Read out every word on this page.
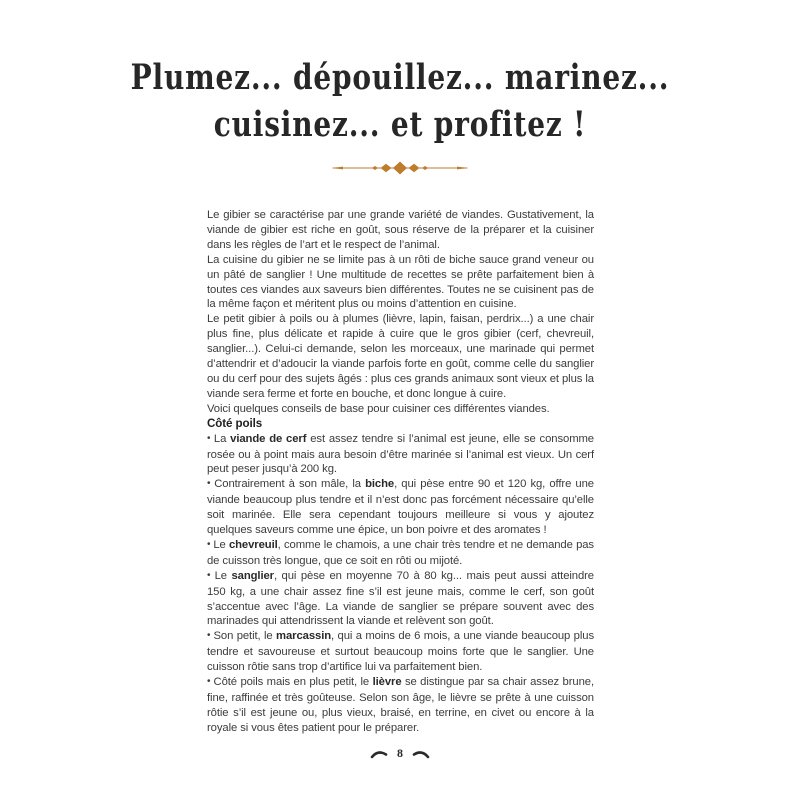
Plumez... dépouillez... marinez...
cuisinez... et profitez !

Le gibier se caractérise par une grande variété de viandes. Gustativement, la viande de gibier est riche en goût, sous réserve de la préparer et la cuisiner dans les règles de l’art et le respect de l’animal.

La cuisine du gibier ne se limite pas à un rôti de biche sauce grand veneur ou un pâté de sanglier ! Une multitude de recettes se prête parfaitement bien à toutes ces viandes aux saveurs bien différentes. Toutes ne se cuisinent pas de la même façon et méritent plus ou moins d’attention en cuisine.

Le petit gibier à poils ou à plumes (lièvre, lapin, faisan, perdrix...) a une chair plus fine, plus délicate et rapide à cuire que le gros gibier (cerf, chevreuil, sanglier...). Celui-ci demande, selon les morceaux, une marinade qui permet d’attendrir et d’adoucir la viande parfois forte en goût, comme celle du sanglier ou du cerf pour des sujets âgés : plus ces grands animaux sont vieux et plus la viande sera ferme et forte en bouche, et donc longue à cuire.

Voici quelques conseils de base pour cuisiner ces différentes viandes.

Côté poils

• La viande de cerf est assez tendre si l’animal est jeune, elle se consomme rosée ou à point mais aura besoin d’être marinée si l’animal est vieux. Un cerf peut peser jusqu’à 200 kg.

• Contrairement à son mâle, la biche, qui pèse entre 90 et 120 kg, offre une viande beaucoup plus tendre et il n’est donc pas forcément nécessaire qu’elle soit marinée. Elle sera cependant toujours meilleure si vous y ajoutez quelques saveurs comme une épice, un bon poivre et des aromates !

• Le chevreuil, comme le chamois, a une chair très tendre et ne demande pas de cuisson très longue, que ce soit en rôti ou mijoté.

• Le sanglier, qui pèse en moyenne 70 à 80 kg... mais peut aussi atteindre 150 kg, a une chair assez fine s’il est jeune mais, comme le cerf, son goût s’accentue avec l’âge. La viande de sanglier se prépare souvent avec des marinades qui attendrissent la viande et relèvent son goût.

• Son petit, le marcassin, qui a moins de 6 mois, a une viande beaucoup plus tendre et savoureuse et surtout beaucoup moins forte que le sanglier. Une cuisson rôtie sans trop d’artifice lui va parfaitement bien.

• Côté poils mais en plus petit, le lièvre se distingue par sa chair assez brune, fine, raffinée et très goûteuse. Selon son âge, le lièvre se prête à une cuisson rôtie s’il est jeune ou, plus vieux, braisé, en terrine, en civet ou encore à la royale si vous êtes patient pour le préparer.

8
